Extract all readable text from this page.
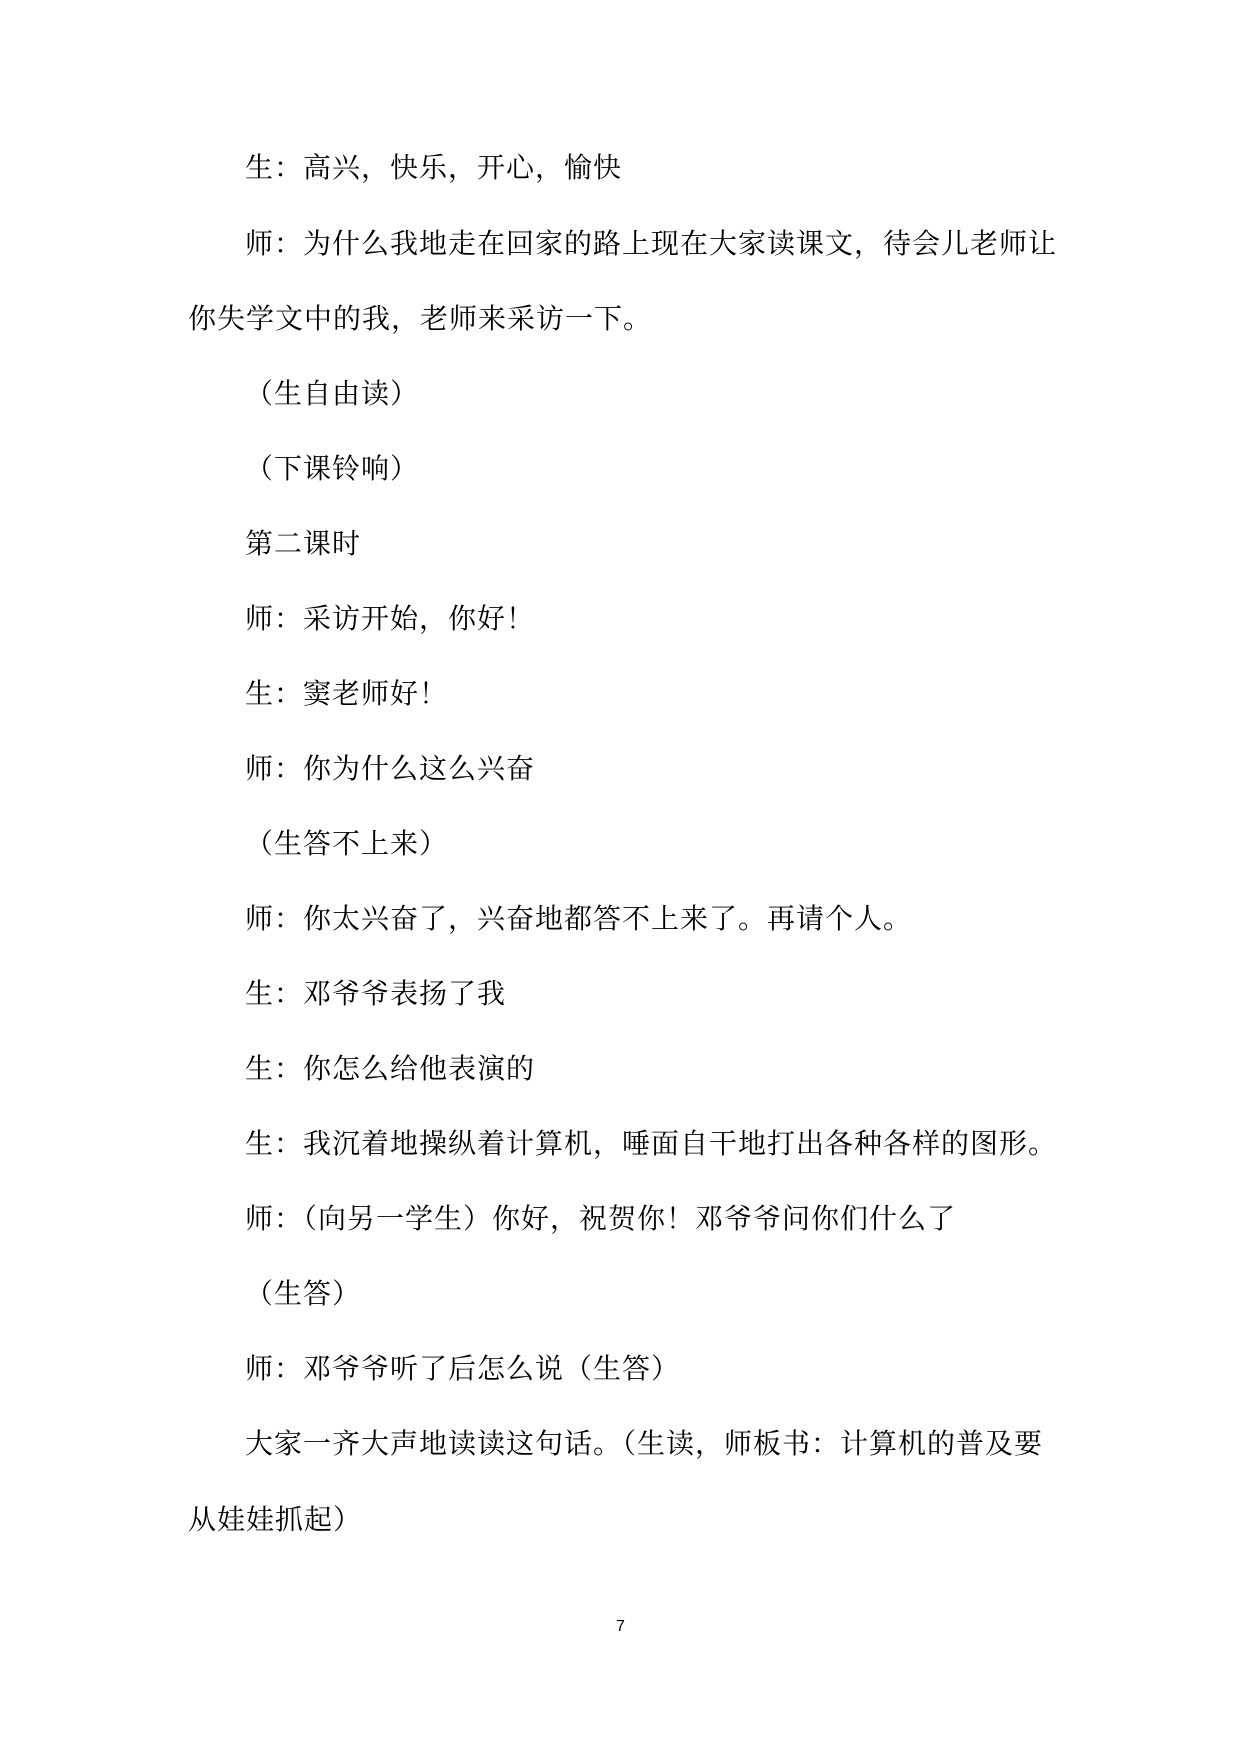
生：高兴，快乐，开心，愉快
师：为什么我地走在回家的路上现在大家读课文，待会儿老师让
你失学文中的我，老师来采访一下。
（生自由读）
（下课铃响）
第二课时
师：采访开始，你好！
生：窦老师好！
师：你为什么这么兴奋
（生答不上来）
师：你太兴奋了，兴奋地都答不上来了。再请个人。
生：邓爷爷表扬了我
生：你怎么给他表演的
生：我沉着地操纵着计算机，唾面自干地打出各种各样的图形。
师：（向另一学生）你好，祝贺你！邓爷爷问你们什么了
（生答）
师：邓爷爷听了后怎么说（生答）
大家一齐大声地读读这句话。（生读，师板书：计算机的普及要
从娃娃抓起）
7
